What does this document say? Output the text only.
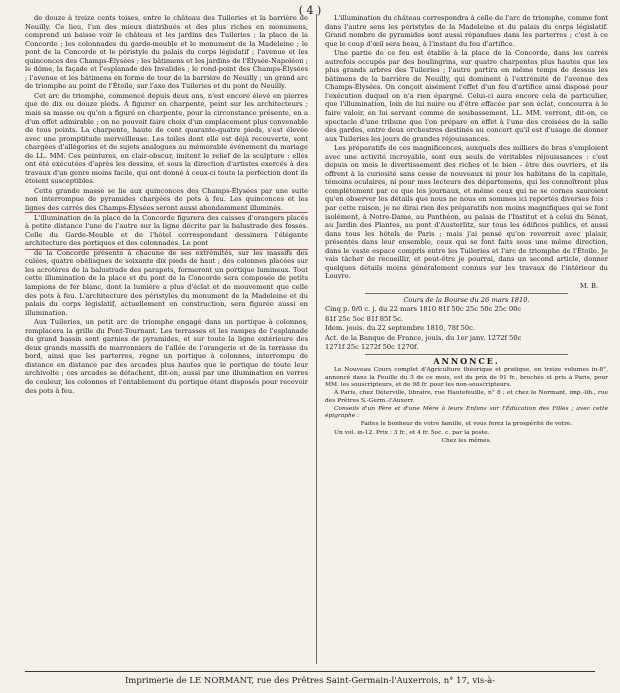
( 4 )

de douze à treize cents toises, entre le château des Tuileries et la barrière de Neuilly. Ce lieu, l'un des mieux distribués et des plus riches en monumens, comprend un baisse voir le château et les jardins des Tuileries ; la place de la Concorde ; les colonnades du garde-meuble et le monument de la Madeleine ; le pont de la Concorde et le péristyle du palais du corps législatif ; l'avenue et les quinconces des Champs-Élysées ; les bâtimens et les jardins de l'Élysée-Napoléon ; le dôme, la façade et l'esplanade des Invalides ; le rond-point des Champs-Élysées ; l'avenue et les bâtimens en forme de tour de la barrière de Neuilly ; un grand arc de triomphe au point de l'Étoile, sur l'axe des Tuileries et du pont de Neuilly.

Cet arc de triomphe, commencé depuis deux ans, n'est encore élevé en pierres que de dix ou douze pieds. À figurer en charpente, peint sur les architecteurs ; mais sa masse ou qu'on a figuré en charpente, pour la circonstance présente, en a d'un effet admirable ; on ne pouvoit faire choix d'un emplacement plus convenable de tous points. La charpente, haute de cent quarante-quatre pieds, s'est élevée avec une promptitude merveilleuse. Les toiles dont elle est déjà recouverte, sont chargées d'allégories et de sujets analogues au mémorable événement du mariage de LL. MM. Ces peintures, en clair-obscur, imitent le relief de la sculpture : elles ont été exécutées d'après les dessins, et sous la direction d'artistes exercés à des travaux d'un genre moins facile, qui ont donné à ceux-ci toute la perfection dont ils étoient susceptibles.

Cette grande masse se lie aux quinconces des Champs-Élysées par une suite non interrompue de pyramides chargées de pots à feu. Les quinconces et les lignes des carrés des Champs-Élysées seront aussi abondamment illuminés.

L'illumination de la place de la Concorde figurera des caisses d'orangers placés à petite distance l'une de l'autre sur la ligne décrite par la balustrade des fossés. Celle du Garde-Meuble et de l'hôtel correspondant dessinera l'élégante architecture des portiques et des colonnades. Le pont

de la Concorde présente à chacune de ses extrémités, sur les massifs des culées, quatre obélisques de soixante dix pieds de haut ; des colonnes placées sur les acrotères de la balustrade des parapets, formeront un portique lumineux. Tout cette illumination de la place et du pont de la Concorde sera composée de petits lampions de fer blanc, dont la lumière a plus d'éclat et de mouvement que celle des pots à feu. L'architecture des péristyles du monument de la Madeleine et du palais du corps législatif, actuellement en construction, sera figurée aussi en illumination.

Aux Tuileries, un petit arc de triomphe engagé dans un portique à colonnes, remplacera la grille du Pont-Tournant. Les terrasses et les rampes de l'esplanade du grand bassin sont garnies de pyramides, et sur toute la ligne extérieure des deux grands massifs de marronniers de l'allée de l'orangerie et de la terrasse du bord, ainsi que les parterres, règne un portique à colonnes, interrompu de distance en distance par des arcades plus hautes que le portique de toute leur archivolte ; ces arcades se détachent, dit-on, aussi par une illumination en verres de couleur, les colonnes et l'entablement du portique étant disposés pour recevoir des pots à feu.

L'illumination du château correspondra à celle de l'arc de triomphe, comme font dans l'autre sens les péristyles de la Madeleine et du palais du corps législatif. Grand nombre de pyramides sont aussi répandues dans les parterres ; c'est à ce que le coup d'œil sera beau, à l'instant du feu d'artifice.

Une partie de ce feu est établie à la place de la Concorde, dans les carrés autrefois occupés par des boulingrins, sur quatre charpentes plus hautes que les plus grands arbres des Tuileries ; l'autre partira en même temps de dessus les bâtimens de la barrière de Neuilly, qui dominent à l'extrémité de l'avenue des Champs-Élysées. On conçoit aisément l'effet d'un feu d'artifice ainsi disposé pour l'exécution duquel on n'a rien épargné. Celui-ci aura encore cela de particulier, que l'illumination, loin de lui nuire ou d'être effacée par son éclat, concourra à le faire valoir, en lui servant comme de soubassement. LL. MM. verront, dit-on, ce spectacle d'une tribune que l'on prépare en effet à l'une des croisées de la salle des gardes, entre deux orchestres destinés au concert qu'il est d'usage de donner aux Tuileries les jours de grandes réjouissances.

Les préparatifs de ces magnificences, auxquels des milliers de bras s'emploient avec une activité incroyable, sont eux seuls de véritables réjouissances : c'est depuis on mois le divertissement des riches et le bien - être des ouvriers, et ils offrent à la curiosité sans cesse de nouveaux ni pour les habitans de la capitale, témoins oculaires, ni pour mes lecteurs des départemens, qui les connoîtront plus complètement par ce que les journaux, et même ceux qui ne se cornes sauroient qu'en observer les détails que nous ne nous en sommes ici reportés diverses fois : par cette raison, je ne dirai rien des préparatifs non moins magnifiques qui se font isolément, à Notre-Dame, au Panthéon, au palais de l'Institut et à celui du Sénat, au Jardin des Plantes, au pont d'Austerlitz, sur tous les édifices publics, et aussi dans tous les hôtels de Paris ; mais j'ai pensé qu'on reverroit avec plaisir, présentés dans leur ensemble, ceux qui se font faits sous une même direction, dans le vaste espace compris entre les Tuileries et l'arc de triomphe de l'Étoile. Je vais tâcher de recueillir, et peut-être je pourrai, dans un second article, donner quelques détails moins généralement connus sur les travaux de l'intérieur du Louvre.

M. B.

Cours de la Bourse du 26 mars 1810.

Cinq p. 0/0 c. j. du 22 mars 1810 81f 50c 25c 50c 25c 00c

81f 25c 5oc 81f 85f 5c.

Idem. jouis. du 22 septembre 1810, 78f 50c.

Act. de la Banque de France, jouis. du 1er janv. 1272f 50c

1271f 25c 1272f 50c 1270f.

ANNONCE.

Le Nouveau Cours complet d'Agriculture théorique et pratique, en treize volumes in-8°, annoncé dans la Feuille du 5 de ce mois, est du prix de 91 fr., brochés et pris à Paris, pour MM. les souscripteurs, et de 98 fr. pour les non-souscripteurs.

À Paris, chez Déterville, libraire, rue Hautefeuille, n° 8 ; et chez le Normant, imp.-lib., rue des Prêtres S.-Germ.-l'Auxerr.

Conseils d'un Père et d'une Mère à leurs Enfans sur l'Éducation des Filles ; avec cette épigraphe :

Faites le bonheur de votre famille, et vous ferez la prospérité de votre.

Un vol. in-12. Prix : 3 fr., et 4 fr. 5oc. c. par la poste.

Chez les mêmes.

Imprimerie de LE NORMANT, rue des Prêtres Saint-Germain-l'Auxerrois, n° 17, vis-à-
